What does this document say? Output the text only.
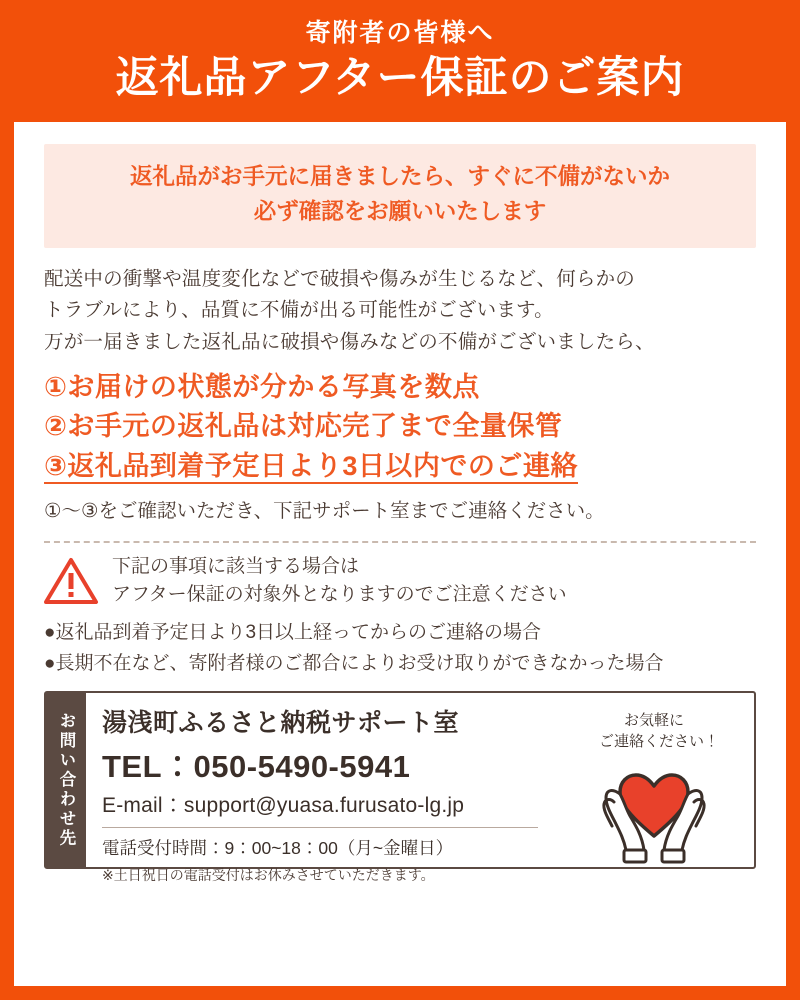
寄附者の皆様へ
返礼品アフター保証のご案内
返礼品がお手元に届きましたら、すぐに不備がないか
必ず確認をお願いいたします
配送中の衝撃や温度変化などで破損や傷みが生じるなど、何らかの
トラブルにより、品質に不備が出る可能性がございます。
万が一届きました返礼品に破損や傷みなどの不備がございましたら、
①お届けの状態が分かる写真を数点
②お手元の返礼品は対応完了まで全量保管
③返礼品到着予定日より3日以内でのご連絡
①〜③をご確認いただき、下記サポート室までご連絡ください。
下記の事項に該当する場合は
アフター保証の対象外となりますのでご注意ください
●返礼品到着予定日より3日以上経ってからのご連絡の場合
●長期不在など、寄附者様のご都合によりお受け取りができなかった場合
お問い合わせ先	湯浅町ふるさと納税サポート室
TEL：050-5490-5941
E-mail：support@yuasa.furusato-lg.jp
電話受付時間：9：00~18：00（月~金曜日）
※土日祝日の電話受付はお休みさせていただきます。
お気軽に
ご連絡ください！
